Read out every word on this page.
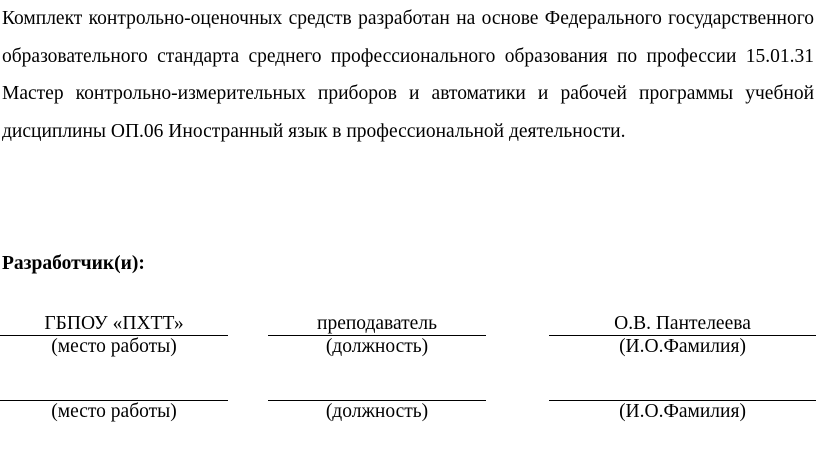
Комплект контрольно-оценочных средств разработан на основе Федерального государственного образовательного стандарта среднего профессионального образования по профессии 15.01.31 Мастер контрольно-измерительных приборов и автоматики и рабочей программы учебной дисциплины ОП.06 Иностранный язык в профессиональной деятельности.

Разработчик(и):

ГБПОУ «ПХТТ»
(место работы)
преподаватель
(должность)
О.В. Пантелеева
(И.О.Фамилия)
(место работы)	(должность)	(И.О.Фамилия)
